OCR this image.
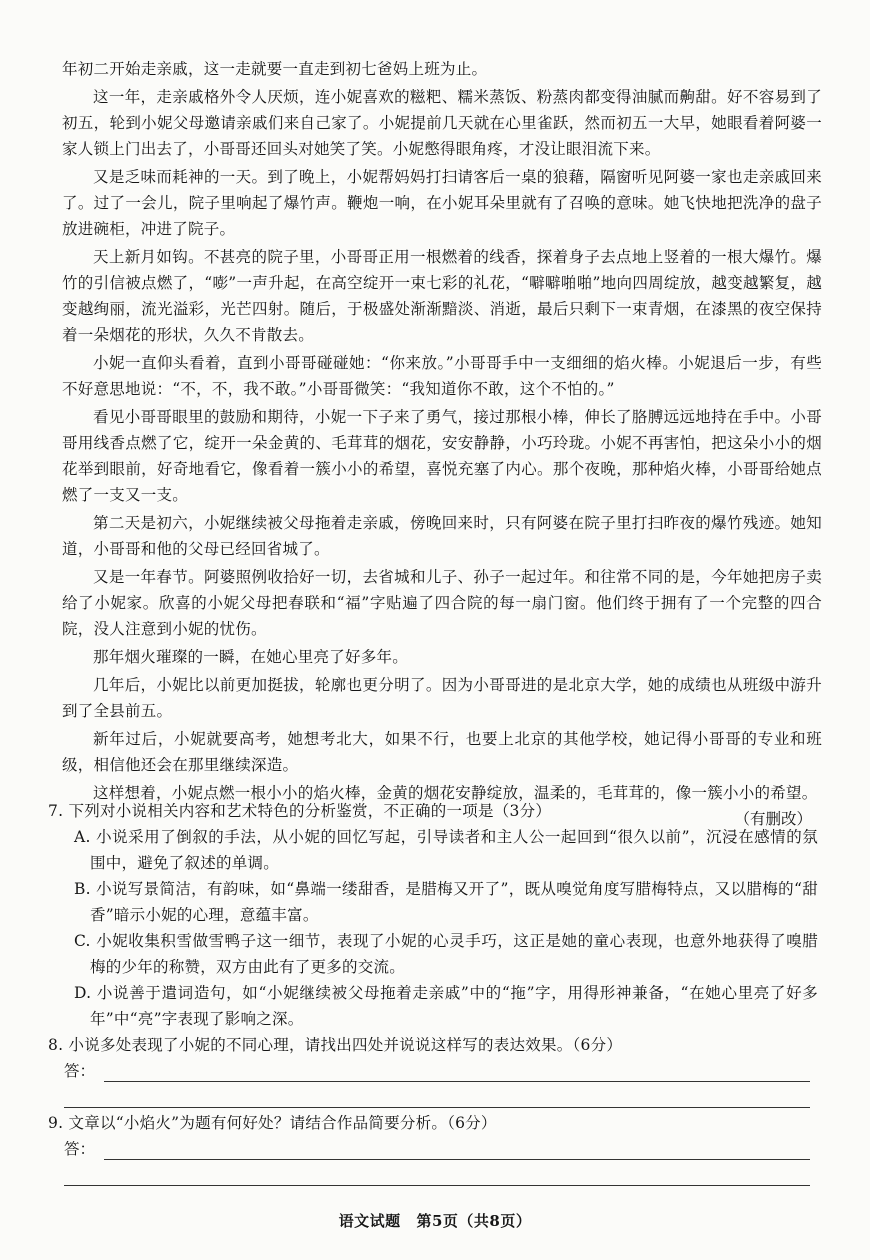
年初二开始走亲戚，这一走就要一直走到初七爸妈上班为止。

这一年，走亲戚格外令人厌烦，连小妮喜欢的糍粑、糯米蒸饭、粉蒸肉都变得油腻而齁甜。好不容易到了初五，轮到小妮父母邀请亲戚们来自己家了。小妮提前几天就在心里雀跃，然而初五一大早，她眼看着阿婆一家人锁上门出去了，小哥哥还回头对她笑了笑。小妮憋得眼角疼，才没让眼泪流下来。

又是乏味而耗神的一天。到了晚上，小妮帮妈妈打扫请客后一桌的狼藉，隔窗听见阿婆一家也走亲戚回来了。过了一会儿，院子里响起了爆竹声。鞭炮一响，在小妮耳朵里就有了召唤的意味。她飞快地把洗净的盘子放进碗柜，冲进了院子。

天上新月如钩。不甚亮的院子里，小哥哥正用一根燃着的线香，探着身子去点地上竖着的一根大爆竹。爆竹的引信被点燃了，“嘭”一声升起，在高空绽开一束七彩的礼花，“噼噼啪啪”地向四周绽放，越变越繁复，越变越绚丽，流光溢彩，光芒四射。随后，于极盛处渐渐黯淡、消逝，最后只剩下一束青烟，在漆黑的夜空保持着一朵烟花的形状，久久不肯散去。

小妮一直仰头看着，直到小哥哥碰碰她：“你来放。”小哥哥手中一支细细的焰火棒。小妮退后一步，有些不好意思地说：“不，不，我不敢。”小哥哥微笑：“我知道你不敢，这个不怕的。”

看见小哥哥眼里的鼓励和期待，小妮一下子来了勇气，接过那根小棒，伸长了胳膊远远地持在手中。小哥哥用线香点燃了它，绽开一朵金黄的、毛茸茸的烟花，安安静静，小巧玲珑。小妮不再害怕，把这朵小小的烟花举到眼前，好奇地看它，像看着一簇小小的希望，喜悦充塞了内心。那个夜晚，那种焰火棒，小哥哥给她点燃了一支又一支。

第二天是初六，小妮继续被父母拖着走亲戚，傍晚回来时，只有阿婆在院子里打扫昨夜的爆竹残迹。她知道，小哥哥和他的父母已经回省城了。

又是一年春节。阿婆照例收拾好一切，去省城和儿子、孙子一起过年。和往常不同的是，今年她把房子卖给了小妮家。欣喜的小妮父母把春联和“福”字贴遍了四合院的每一扇门窗。他们终于拥有了一个完整的四合院，没人注意到小妮的忧伤。

那年烟火璀璨的一瞬，在她心里亮了好多年。

几年后，小妮比以前更加挺拔，轮廓也更分明了。因为小哥哥进的是北京大学，她的成绩也从班级中游升到了全县前五。

新年过后，小妮就要高考，她想考北大，如果不行，也要上北京的其他学校，她记得小哥哥的专业和班级，相信他还会在那里继续深造。

这样想着，小妮点燃一根小小的焰火棒，金黄的烟花安静绽放，温柔的，毛茸茸的，像一簇小小的希望。

（有删改）

7. 下列对小说相关内容和艺术特色的分析鉴赏，不正确的一项是（3分）

A. 小说采用了倒叙的手法，从小妮的回忆写起，引导读者和主人公一起回到“很久以前”，沉浸在感情的氛围中，避免了叙述的单调。

B. 小说写景简洁，有韵味，如“鼻端一缕甜香，是腊梅又开了”，既从嗅觉角度写腊梅特点，又以腊梅的“甜香”暗示小妮的心理，意蕴丰富。

C. 小妮收集积雪做雪鸭子这一细节，表现了小妮的心灵手巧，这正是她的童心表现，也意外地获得了嗅腊梅的少年的称赞，双方由此有了更多的交流。

D. 小说善于遣词造句，如“小妮继续被父母拖着走亲戚”中的“拖”字，用得形神兼备，“在她心里亮了好多年”中“亮”字表现了影响之深。

8. 小说多处表现了小妮的不同心理，请找出四处并说说这样写的表达效果。（6分）

答：

9. 文章以“小焰火”为题有何好处？请结合作品简要分析。（6分）

答：
语文试题 第5页（共8页）
